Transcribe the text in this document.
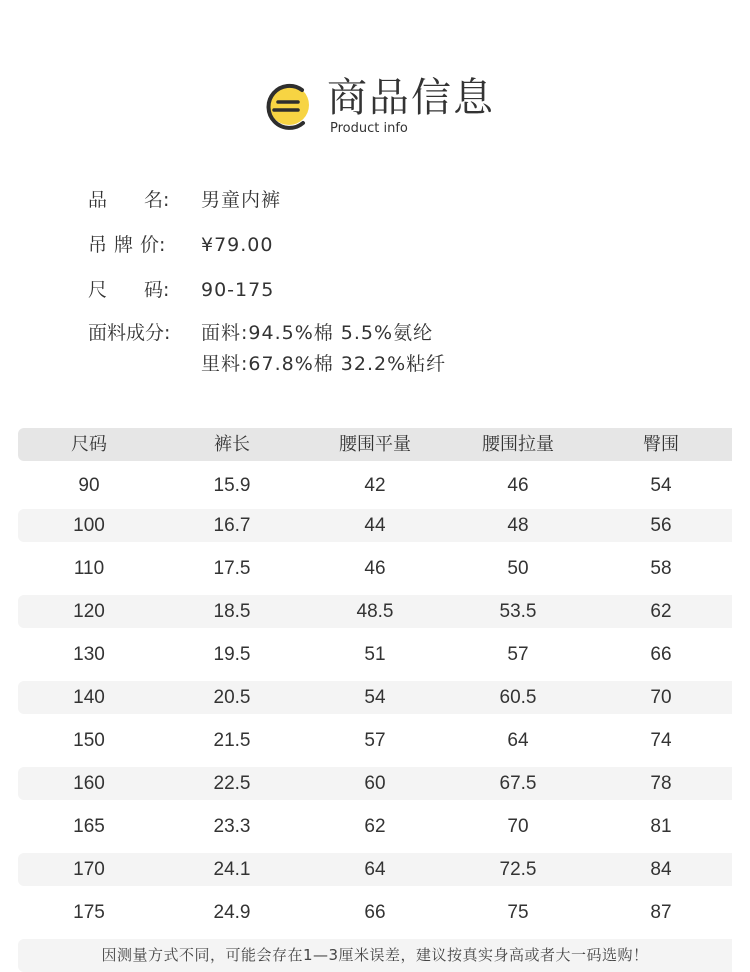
商品信息
Product info
品 名: 男童内裤
吊 牌 价: ¥79.00
尺 码: 90-175
面料成分: 面料:94.5%棉 5.5%氨纶
里料:67.8%棉 32.2%粘纤
尺码	裤长	腰围平量	腰围拉量	臀围
90	15.9	42	46	54
100	16.7	44	48	56
110	17.5	46	50	58
120	18.5	48.5	53.5	62
130	19.5	51	57	66
140	20.5	54	60.5	70
150	21.5	57	64	74
160	22.5	60	67.5	78
165	23.3	62	70	81
170	24.1	64	72.5	84
175	24.9	66	75	87
因测量方式不同，可能会存在1—3厘米误差，建议按真实身高或者大一码选购！
